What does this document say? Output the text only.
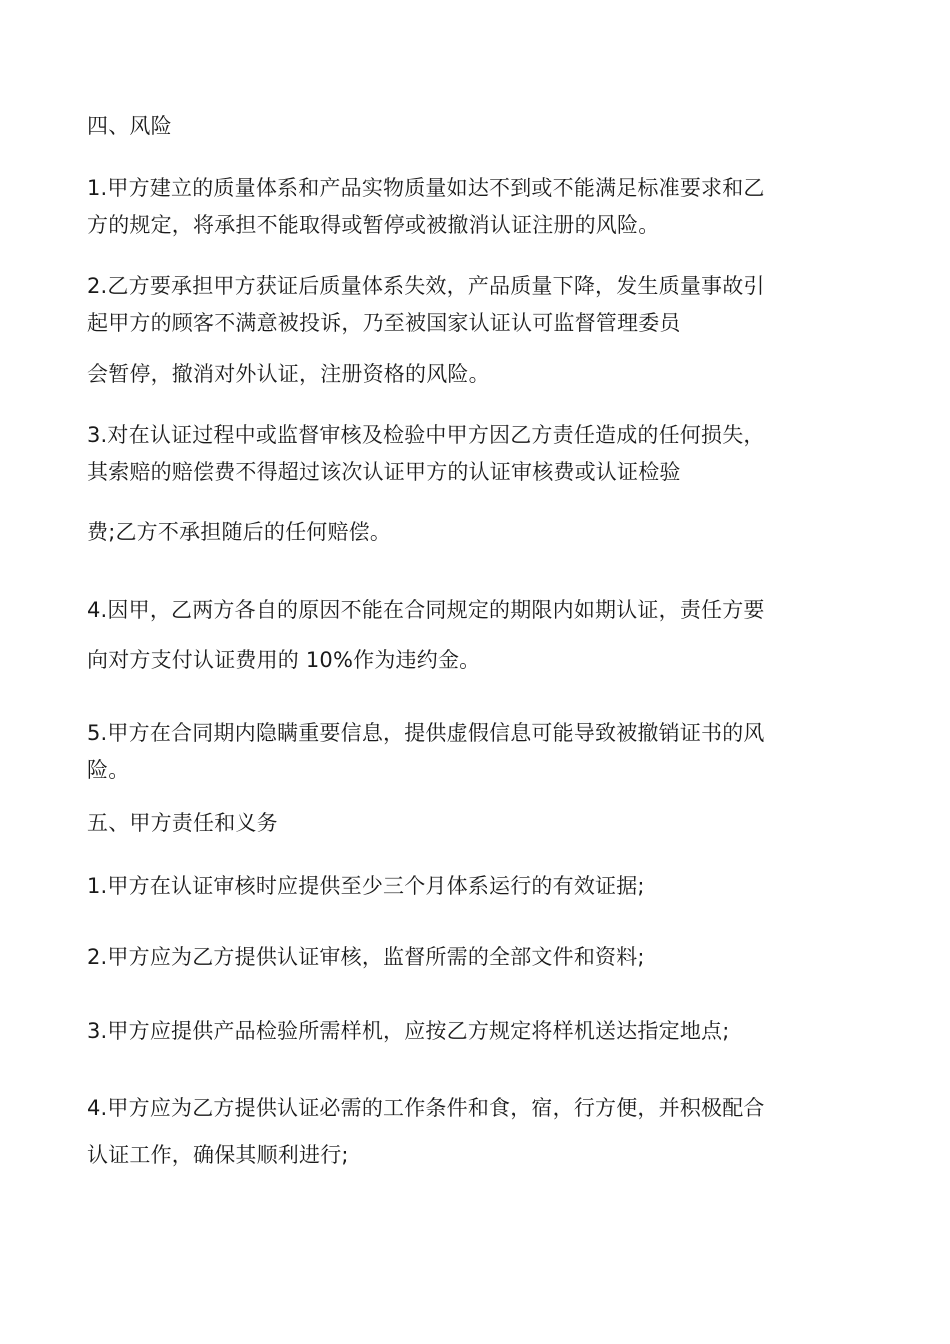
四、风险
1.甲方建立的质量体系和产品实物质量如达不到或不能满足标准要求和乙
方的规定，将承担不能取得或暂停或被撤消认证注册的风险。
2.乙方要承担甲方获证后质量体系失效，产品质量下降，发生质量事故引
起甲方的顾客不满意被投诉，乃至被国家认证认可监督管理委员
会暂停，撤消对外认证，注册资格的风险。
3.对在认证过程中或监督审核及检验中甲方因乙方责任造成的任何损失，
其索赔的赔偿费不得超过该次认证甲方的认证审核费或认证检验
费;乙方不承担随后的任何赔偿。
4.因甲，乙两方各自的原因不能在合同规定的期限内如期认证，责任方要
向对方支付认证费用的 10%作为违约金。
5.甲方在合同期内隐瞒重要信息，提供虚假信息可能导致被撤销证书的风
险。
五、甲方责任和义务
1.甲方在认证审核时应提供至少三个月体系运行的有效证据;
2.甲方应为乙方提供认证审核，监督所需的全部文件和资料;
3.甲方应提供产品检验所需样机，应按乙方规定将样机送达指定地点;
4.甲方应为乙方提供认证必需的工作条件和食，宿，行方便，并积极配合
认证工作，确保其顺利进行;
